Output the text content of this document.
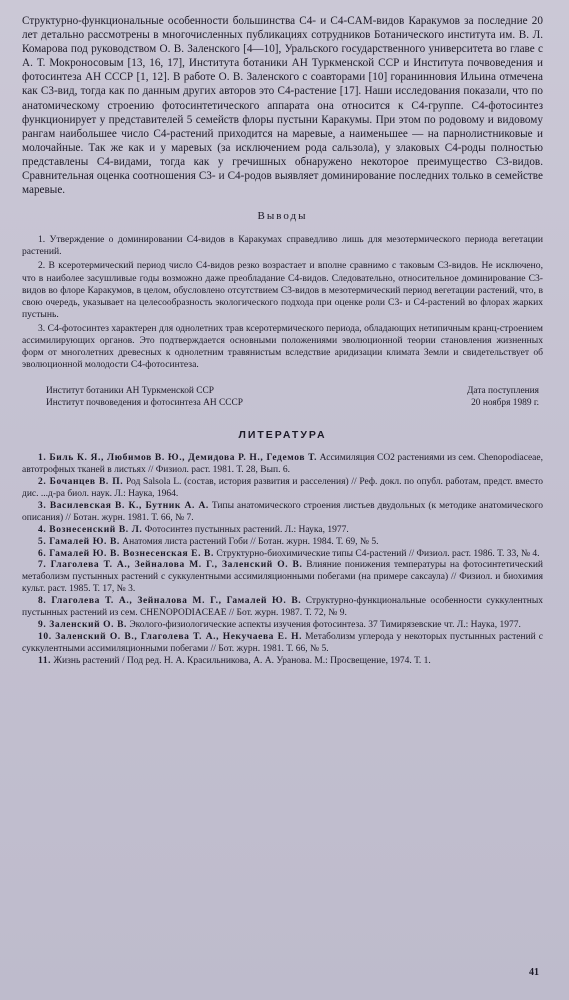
Структурно-функциональные особенности большинства C4- и C4-CAM-видов Каракумов за последние 20 лет детально рассмотрены в многочисленных публикациях сотрудников Ботанического института им. В. Л. Комарова под руководством О. В. Заленского [4—10], Уральского государственного университета во главе с А. Т. Мокроносовым [13, 16, 17], Института ботаники АН Туркменской ССР и Института почвоведения и фотосинтеза АН СССР [1, 12]. В работе О. В. Заленского с соавторами [10] горанинновия Ильина отмечена как C3-вид, тогда как по данным других авторов это C4-растение [17]. Наши исследования показали, что по анатомическому строению фотосинтетического аппарата она относится к C4-группе. C4-фотосинтез функционирует у представителей 5 семейств флоры пустыни Каракумы. При этом по родовому и видовому рангам наибольшее число C4-растений приходится на маревые, а наименьшее — на парнолистниковые и молочайные. Так же как и у маревых (за исключением рода сальзола), у злаковых C4-роды полностью представлены C4-видами, тогда как у гречишных обнаружено некоторое преимущество C3-видов. Сравнительная оценка соотношения C3- и C4-родов выявляет доминирование последних только в семействе маревые.

Выводы

1. Утверждение о доминировании C4-видов в Каракумах справедливо лишь для мезотермического периода вегетации растений.

2. В ксеротермический период число C4-видов резко возрастает и вполне сравнимо с таковым C3-видов. Не исключено, что в наиболее засушливые годы возможно даже преобладание C4-видов. Следовательно, относительное доминирование C3-видов во флоре Каракумов, в целом, обусловлено отсутствием C3-видов в мезотермический период вегетации растений, что, в свою очередь, указывает на целесообразность экологического подхода при оценке роли C3- и C4-растений во флорах жарких пустынь.

3. C4-фотосинтез характерен для однолетних трав ксеротермического периода, обладающих нетипичным кранц-строением ассимилирующих органов. Это подтверждается основными положениями эволюционной теории становления жизненных форм от многолетних древесных к однолетним травянистым вследствие аридизации климата Земли и свидетельствует об эволюционной молодости C4-фотосинтеза.

Институт ботаники АН Туркменской ССР
Институт почвоведения и фотосинтеза АН СССР
Дата поступления
20 ноября 1989 г.
ЛИТЕРАТУРА

1. Биль К. Я., Любимов В. Ю., Демидова Р. Н., Гедемов Т. Ассимиляция CO2 растениями из сем. Chenopodiaceae, автотрофных тканей в листьях // Физиол. раст. 1981. Т. 28, Вып. 6.

2. Бочанцев В. П. Род Salsola L. (состав, история развития и расселения) // Реф. докл. по опубл. работам, предст. вместо дис. ...д-ра биол. наук. Л.: Наука, 1964.

3. Василевская В. К., Бутник А. А. Типы анатомического строения листьев двудольных (к методике анатомического описания) // Ботан. журн. 1981. Т. 66, № 7.

4. Вознесенский В. Л. Фотосинтез пустынных растений. Л.: Наука, 1977.

5. Гамалей Ю. В. Анатомия листа растений Гоби // Ботан. журн. 1984. Т. 69, № 5.

6. Гамалей Ю. В. Вознесенская Е. В. Структурно-биохимические типы C4-растений // Физиол. раст. 1986. Т. 33, № 4.

7. Глаголева Т. А., Зейналова М. Г., Заленский О. В. Влияние понижения температуры на фотосинтетический метаболизм пустынных растений с суккулентными ассимиляционными побегами (на примере саксаула) // Физиол. и биохимия культ. раст. 1985. Т. 17, № 3.

8. Глаголева Т. А., Зейналова М. Г., Гамалей Ю. В. Структурно-функциональные особенности суккулентных пустынных растений из сем. CHENOPODIACEAE // Бот. журн. 1987. Т. 72, № 9.

9. Заленский О. В. Эколого-физиологические аспекты изучения фотосинтеза. 37 Тимирязевские чт. Л.: Наука, 1977.

10. Заленский О. В., Глаголева Т. А., Некучаева Е. Н. Метаболизм углерода у некоторых пустынных растений с суккулентными ассимиляционными побегами // Бот. журн. 1981. Т. 66, № 5.

11. Жизнь растений / Под ред. Н. А. Красильникова, А. А. Уранова. М.: Просвещение, 1974. Т. 1.

41
